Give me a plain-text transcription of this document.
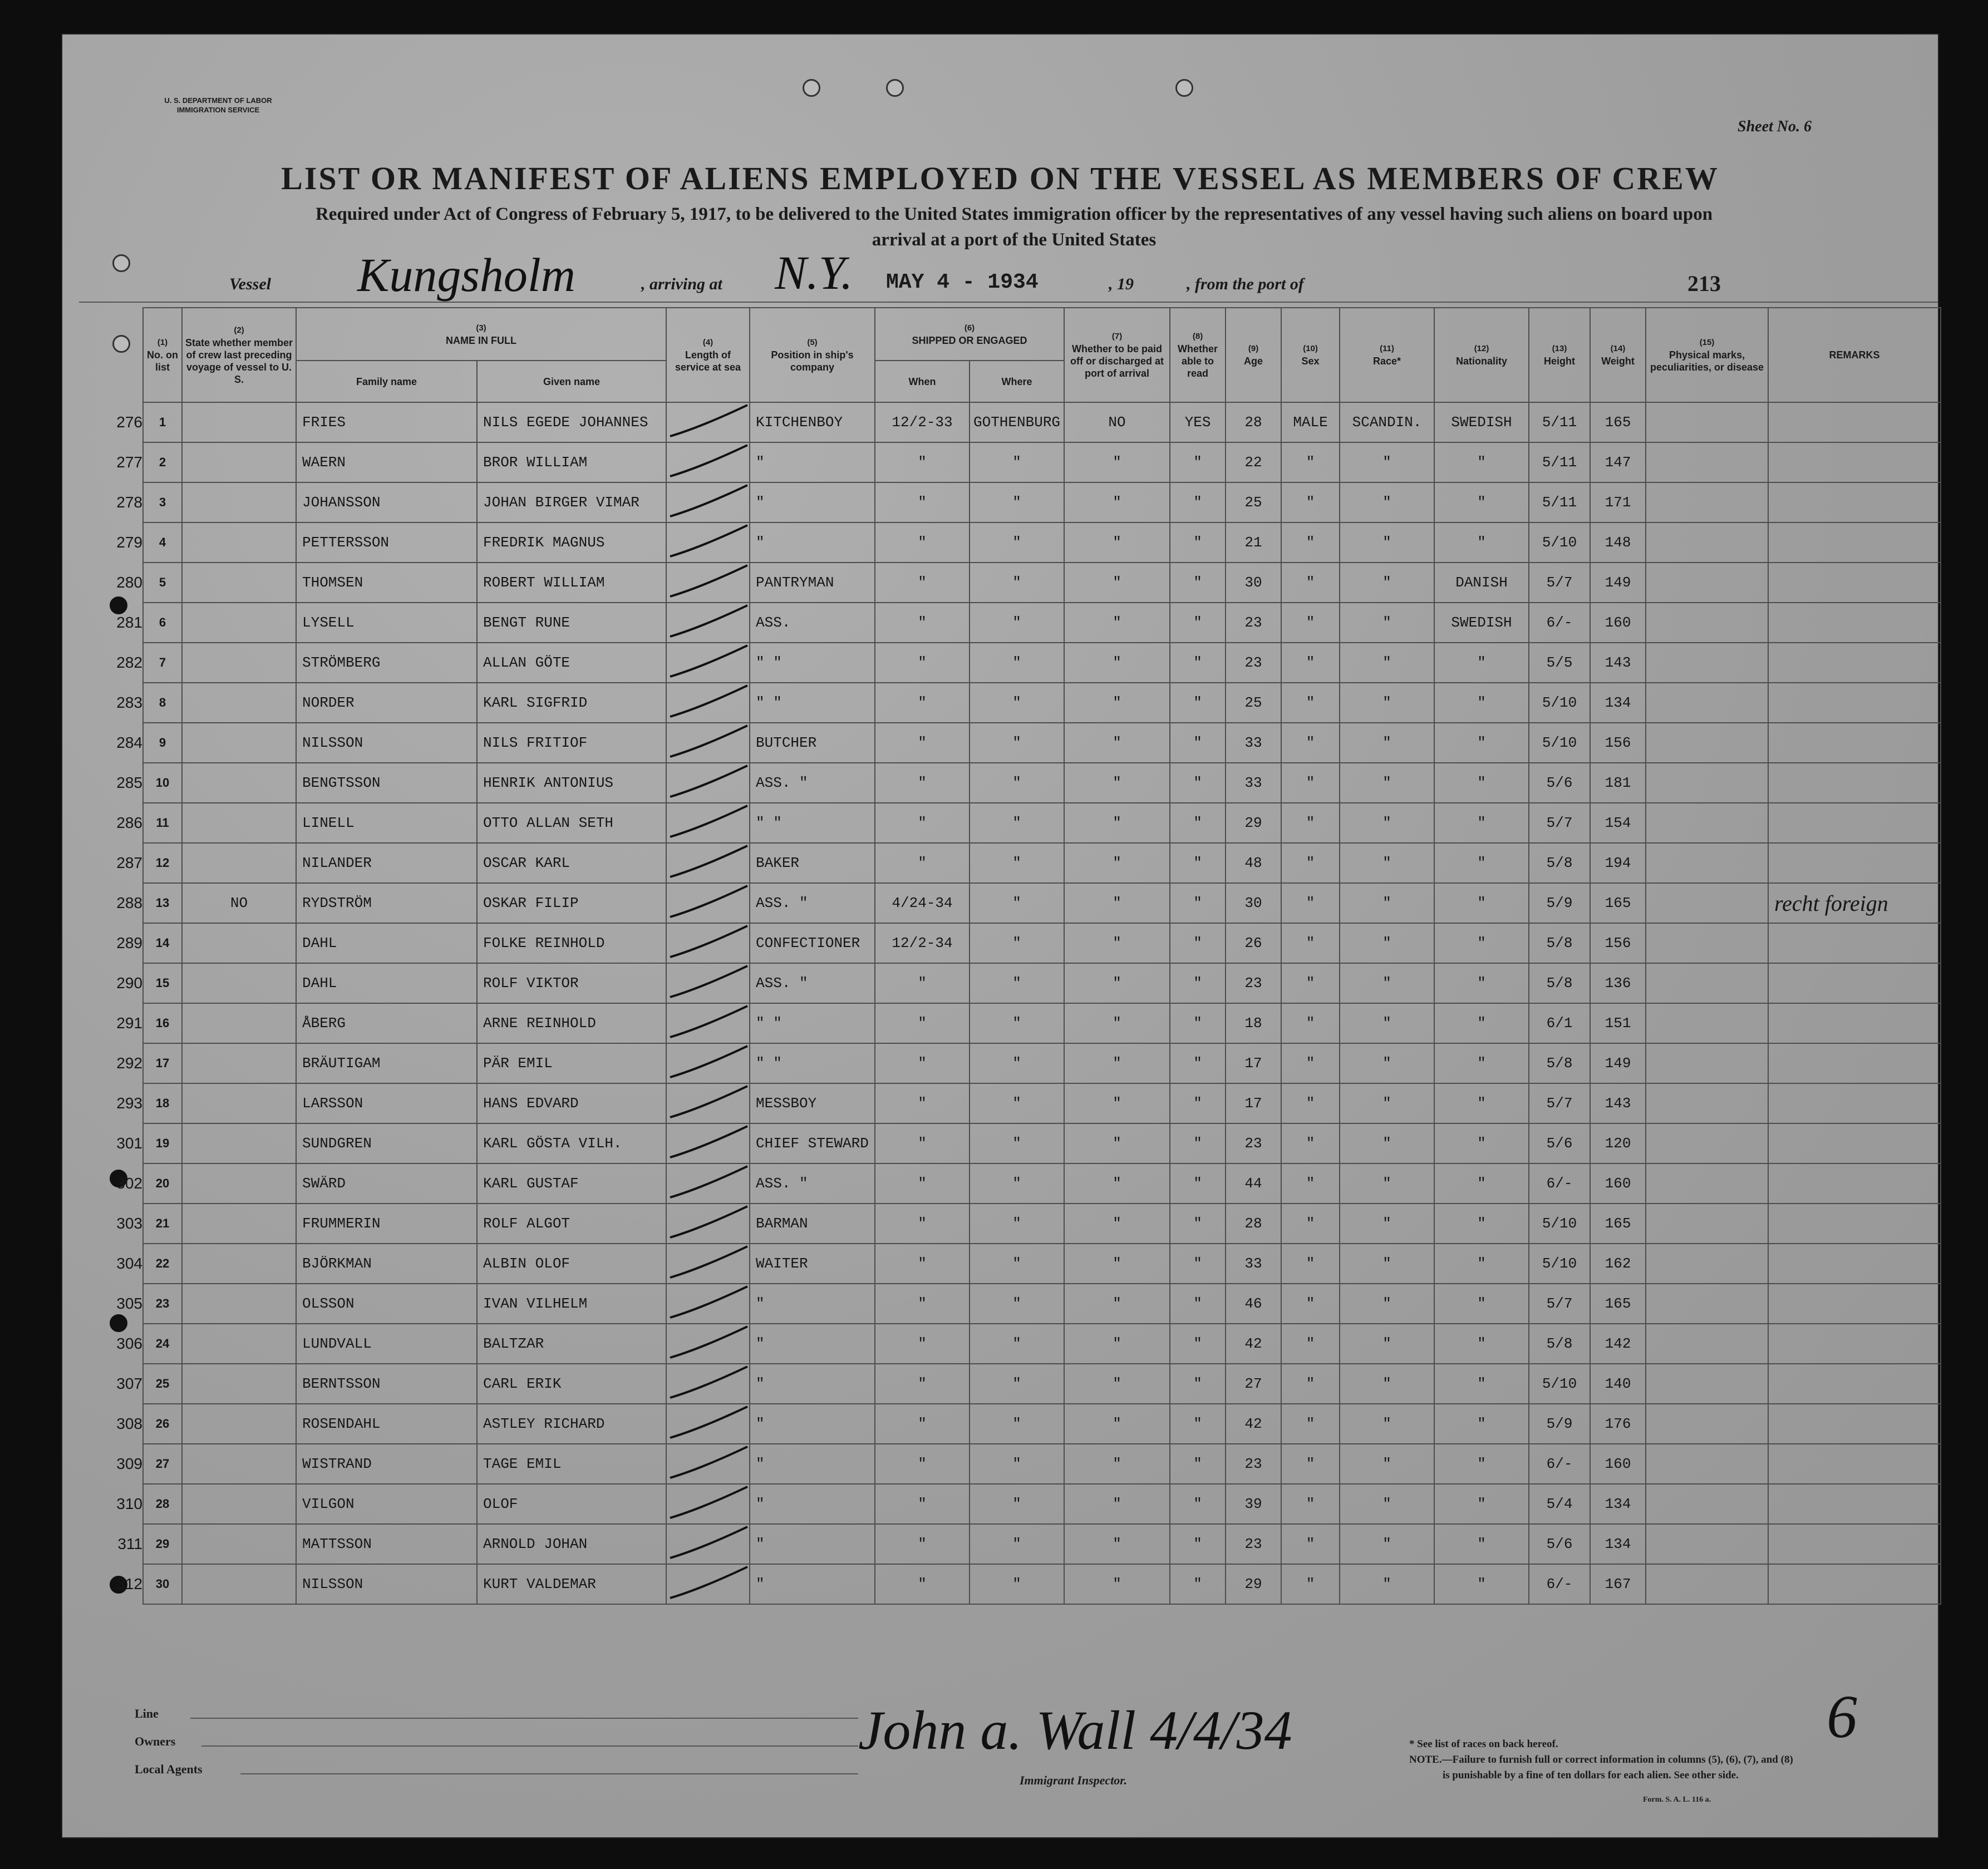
U. S. DEPARTMENT OF LABOR
IMMIGRATION SERVICE
Sheet No. 6
LIST OR MANIFEST OF ALIENS EMPLOYED ON THE VESSEL AS MEMBERS OF CREW
Required under Act of Congress of February 5, 1917, to be delivered to the United States immigration officer by the representatives of any vessel having such aliens on board upon
arrival at a port of the United States
Vessel Kungsholm	, arriving at N.Y. MAY 4 - 1934	, 19	, from the port of	213

	(1)
No. on list	(2)
State whether member of crew last preceding voyage of vessel to U. S.	(3)
NAME IN FULL		(4)
Length of service at sea	(5)
Position in ship's company	(6)
SHIPPED OR ENGAGED		(7)
Whether to be paid off or discharged at port of arrival	(8)
Whether able to read	(9)
Age	(10)
Sex	(11)
Race*	(12)
Nationality	(13)
Height	(14)
Weight	(15)
Physical marks, peculiarities, or disease	REMARKS
			Family name	Given name			When	Where										
276	1		FRIES	NILS EGEDE JOHANNES		KITCHENBOY	12/2-33	GOTHENBURG	NO	YES	28	MALE	SCANDIN.	SWEDISH	5/11	165		
277	2		WAERN	BROR WILLIAM		"	"	"	"	"	22	"	"	"	5/11	147		
278	3		JOHANSSON	JOHAN BIRGER VIMAR		"	"	"	"	"	25	"	"	"	5/11	171		
279	4		PETTERSSON	FREDRIK MAGNUS		"	"	"	"	"	21	"	"	"	5/10	148		
280	5		THOMSEN	ROBERT WILLIAM		PANTRYMAN	"	"	"	"	30	"	"	DANISH	5/7	149		
281	6		LYSELL	BENGT RUNE		ASS.	"	"	"	"	23	"	"	SWEDISH	6/-	160		
282	7		STRÖMBERG	ALLAN GÖTE		" "	"	"	"	"	23	"	"	"	5/5	143		
283	8		NORDER	KARL SIGFRID		" "	"	"	"	"	25	"	"	"	5/10	134		
284	9		NILSSON	NILS FRITIOF		BUTCHER	"	"	"	"	33	"	"	"	5/10	156		
285	10		BENGTSSON	HENRIK ANTONIUS		ASS. "	"	"	"	"	33	"	"	"	5/6	181		
286	11		LINELL	OTTO ALLAN SETH		" "	"	"	"	"	29	"	"	"	5/7	154		
287	12		NILANDER	OSCAR KARL		BAKER	"	"	"	"	48	"	"	"	5/8	194		
288	13	NO	RYDSTRÖM	OSKAR FILIP		ASS. "	4/24-34	"	"	"	30	"	"	"	5/9	165		recht foreign
289	14		DAHL	FOLKE REINHOLD		CONFECTIONER	12/2-34	"	"	"	26	"	"	"	5/8	156		
290	15		DAHL	ROLF VIKTOR		ASS. "	"	"	"	"	23	"	"	"	5/8	136		
291	16		ÅBERG	ARNE REINHOLD		" "	"	"	"	"	18	"	"	"	6/1	151		
292	17		BRÄUTIGAM	PÄR EMIL		" "	"	"	"	"	17	"	"	"	5/8	149		
293	18		LARSSON	HANS EDVARD		MESSBOY	"	"	"	"	17	"	"	"	5/7	143		
301	19		SUNDGREN	KARL GÖSTA VILH.		CHIEF STEWARD	"	"	"	"	23	"	"	"	5/6	120		
302	20		SWÄRD	KARL GUSTAF		ASS. "	"	"	"	"	44	"	"	"	6/-	160		
303	21		FRUMMERIN	ROLF ALGOT		BARMAN	"	"	"	"	28	"	"	"	5/10	165		
304	22		BJÖRKMAN	ALBIN OLOF		WAITER	"	"	"	"	33	"	"	"	5/10	162		
305	23		OLSSON	IVAN VILHELM		"	"	"	"	"	46	"	"	"	5/7	165		
306	24		LUNDVALL	BALTZAR		"	"	"	"	"	42	"	"	"	5/8	142		
307	25		BERNTSSON	CARL ERIK		"	"	"	"	"	27	"	"	"	5/10	140		
308	26		ROSENDAHL	ASTLEY RICHARD		"	"	"	"	"	42	"	"	"	5/9	176		
309	27		WISTRAND	TAGE EMIL		"	"	"	"	"	23	"	"	"	6/-	160		
310	28		VILGON	OLOF		"	"	"	"	"	39	"	"	"	5/4	134		
311	29		MATTSSON	ARNOLD JOHAN		"	"	"	"	"	23	"	"	"	5/6	134		
312	30		NILSSON	KURT VALDEMAR		"	"	"	"	"	29	"	"	"	6/-	167		
Line
Owners
Local Agents
John a. Wall 4/4/34
Immigrant Inspector.
6
* See list of races on back hereof.
NOTE.—Failure to furnish full or correct information in columns (5), (6), (7), and (8)
is punishable by a fine of ten dollars for each alien. See other side.
Form. S. A. L. 116 a.
